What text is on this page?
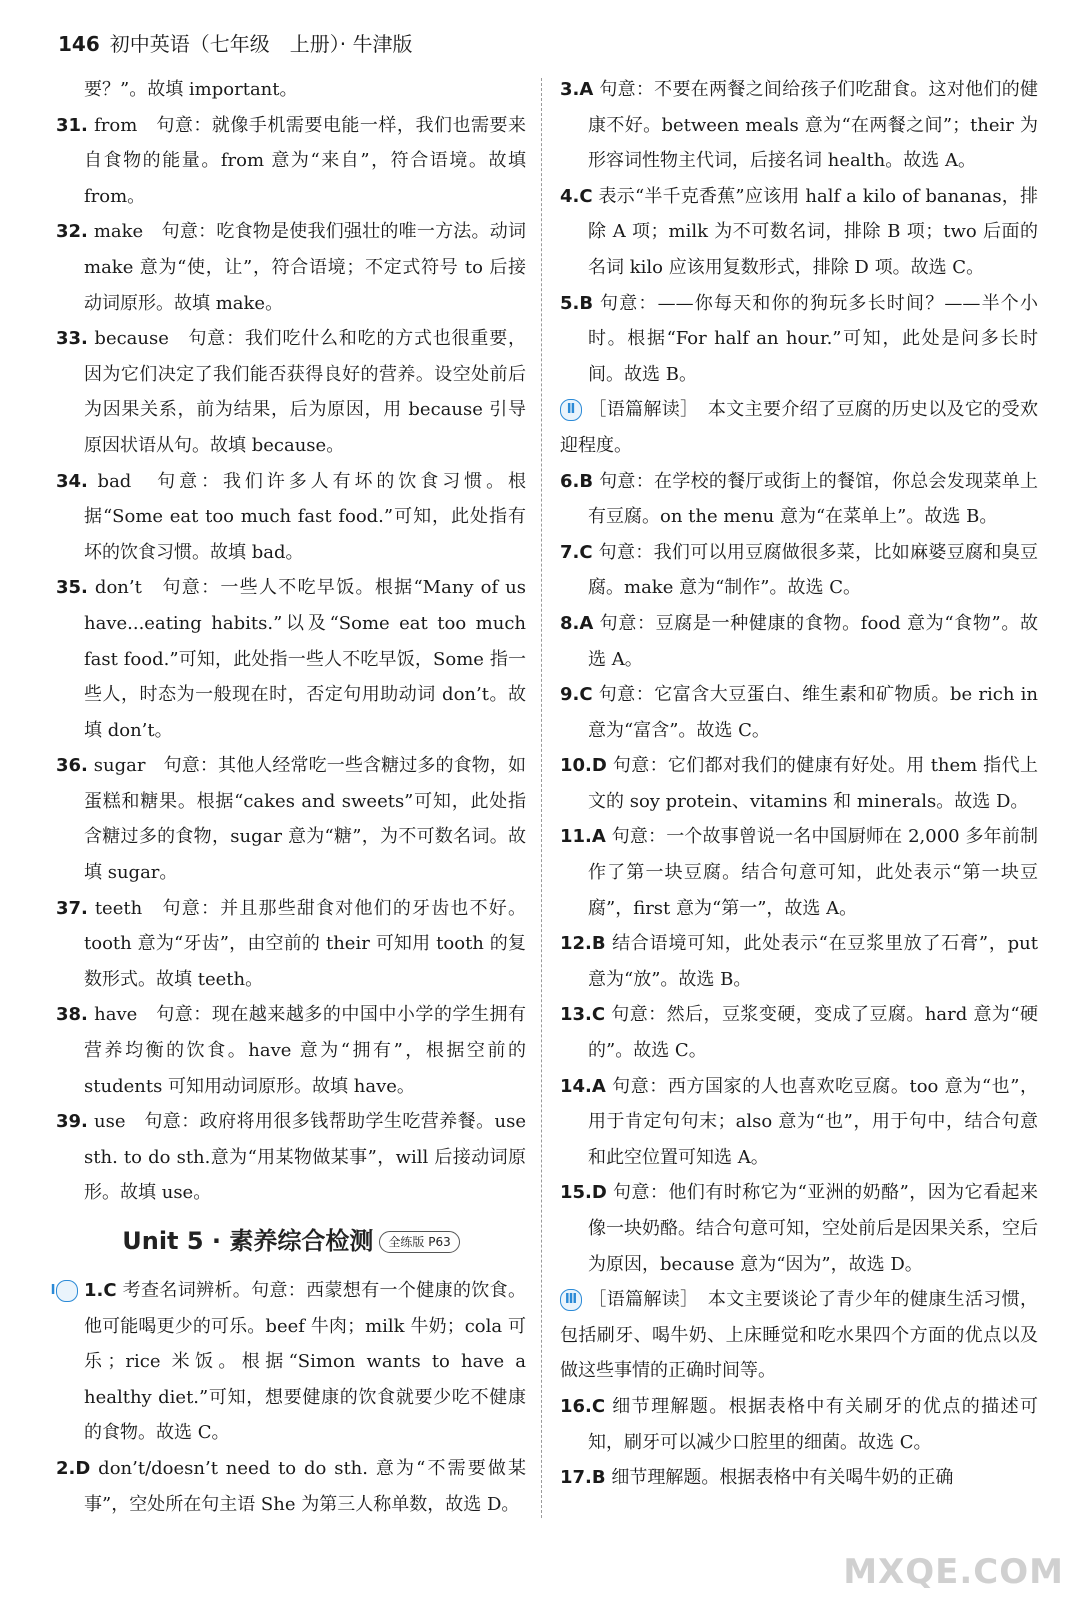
146 初中英语（七年级　上册）· 牛津版

要？”。故填 important。

31. from　句意：就像手机需要电能一样，我们也需要来自食物的能量。from 意为“来自”，符合语境。故填 from。

32. make　句意：吃食物是使我们强壮的唯一方法。动词 make 意为“使，让”，符合语境；不定式符号 to 后接动词原形。故填 make。

33. because　句意：我们吃什么和吃的方式也很重要，因为它们决定了我们能否获得良好的营养。设空处前后为因果关系，前为结果，后为原因，用 because 引导原因状语从句。故填 because。

34. bad　句意：我们许多人有坏的饮食习惯。根据“Some eat too much fast food.”可知，此处指有坏的饮食习惯。故填 bad。

35. don’t　句意：一些人不吃早饭。根据“Many of us have...eating habits.”以及“Some eat too much fast food.”可知，此处指一些人不吃早饭，Some 指一些人，时态为一般现在时，否定句用助动词 don’t。故填 don’t。

36. sugar　句意：其他人经常吃一些含糖过多的食物，如蛋糕和糖果。根据“cakes and sweets”可知，此处指含糖过多的食物，sugar 意为“糖”，为不可数名词。故填 sugar。

37. teeth　句意：并且那些甜食对他们的牙齿也不好。tooth 意为“牙齿”，由空前的 their 可知用 tooth 的复数形式。故填 teeth。

38. have　句意：现在越来越多的中国中小学的学生拥有营养均衡的饮食。have 意为“拥有”，根据空前的 students 可知用动词原形。故填 have。

39. use　句意：政府将用很多钱帮助学生吃营养餐。use sth. to do sth.意为“用某物做某事”，will 后接动词原形。故填 use。

Unit 5 · 素养综合检测	全练版 P63

Ⅰ 1.C 考查名词辨析。句意：西蒙想有一个健康的饮食。他可能喝更少的可乐。beef 牛肉；milk 牛奶；cola 可乐；rice 米饭。根据“Simon wants to have a healthy diet.”可知，想要健康的饮食就要少吃不健康的食物。故选 C。

2.D don’t/doesn’t need to do sth. 意为“不需要做某事”，空处所在句主语 She 为第三人称单数，故选 D。

3.A 句意：不要在两餐之间给孩子们吃甜食。这对他们的健康不好。between meals 意为“在两餐之间”；their 为形容词性物主代词，后接名词 health。故选 A。

4.C 表示“半千克香蕉”应该用 half a kilo of bananas，排除 A 项；milk 为不可数名词，排除 B 项；two 后面的名词 kilo 应该用复数形式，排除 D 项。故选 C。

5.B 句意：——你每天和你的狗玩多长时间？——半个小时。根据“For half an hour.”可知，此处是问多长时间。故选 B。

Ⅱ ［语篇解读］　本文主要介绍了豆腐的历史以及它的受欢迎程度。

6.B 句意：在学校的餐厅或街上的餐馆，你总会发现菜单上有豆腐。on the menu 意为“在菜单上”。故选 B。

7.C 句意：我们可以用豆腐做很多菜，比如麻婆豆腐和臭豆腐。make 意为“制作”。故选 C。

8.A 句意：豆腐是一种健康的食物。food 意为“食物”。故选 A。

9.C 句意：它富含大豆蛋白、维生素和矿物质。be rich in 意为“富含”。故选 C。

10.D 句意：它们都对我们的健康有好处。用 them 指代上文的 soy protein、vitamins 和 minerals。故选 D。

11.A 句意：一个故事曾说一名中国厨师在 2,000 多年前制作了第一块豆腐。结合句意可知，此处表示“第一块豆腐”，first 意为“第一”，故选 A。

12.B 结合语境可知，此处表示“在豆浆里放了石膏”，put 意为“放”。故选 B。

13.C 句意：然后，豆浆变硬，变成了豆腐。hard 意为“硬的”。故选 C。

14.A 句意：西方国家的人也喜欢吃豆腐。too 意为“也”，用于肯定句句末；also 意为“也”，用于句中，结合句意和此空位置可知选 A。

15.D 句意：他们有时称它为“亚洲的奶酪”，因为它看起来像一块奶酪。结合句意可知，空处前后是因果关系，空后为原因，because 意为“因为”，故选 D。

Ⅲ ［语篇解读］　本文主要谈论了青少年的健康生活习惯，包括刷牙、喝牛奶、上床睡觉和吃水果四个方面的优点以及做这些事情的正确时间等。

16.C 细节理解题。根据表格中有关刷牙的优点的描述可知，刷牙可以减少口腔里的细菌。故选 C。

17.B 细节理解题。根据表格中有关喝牛奶的正确

MXQE.COM
